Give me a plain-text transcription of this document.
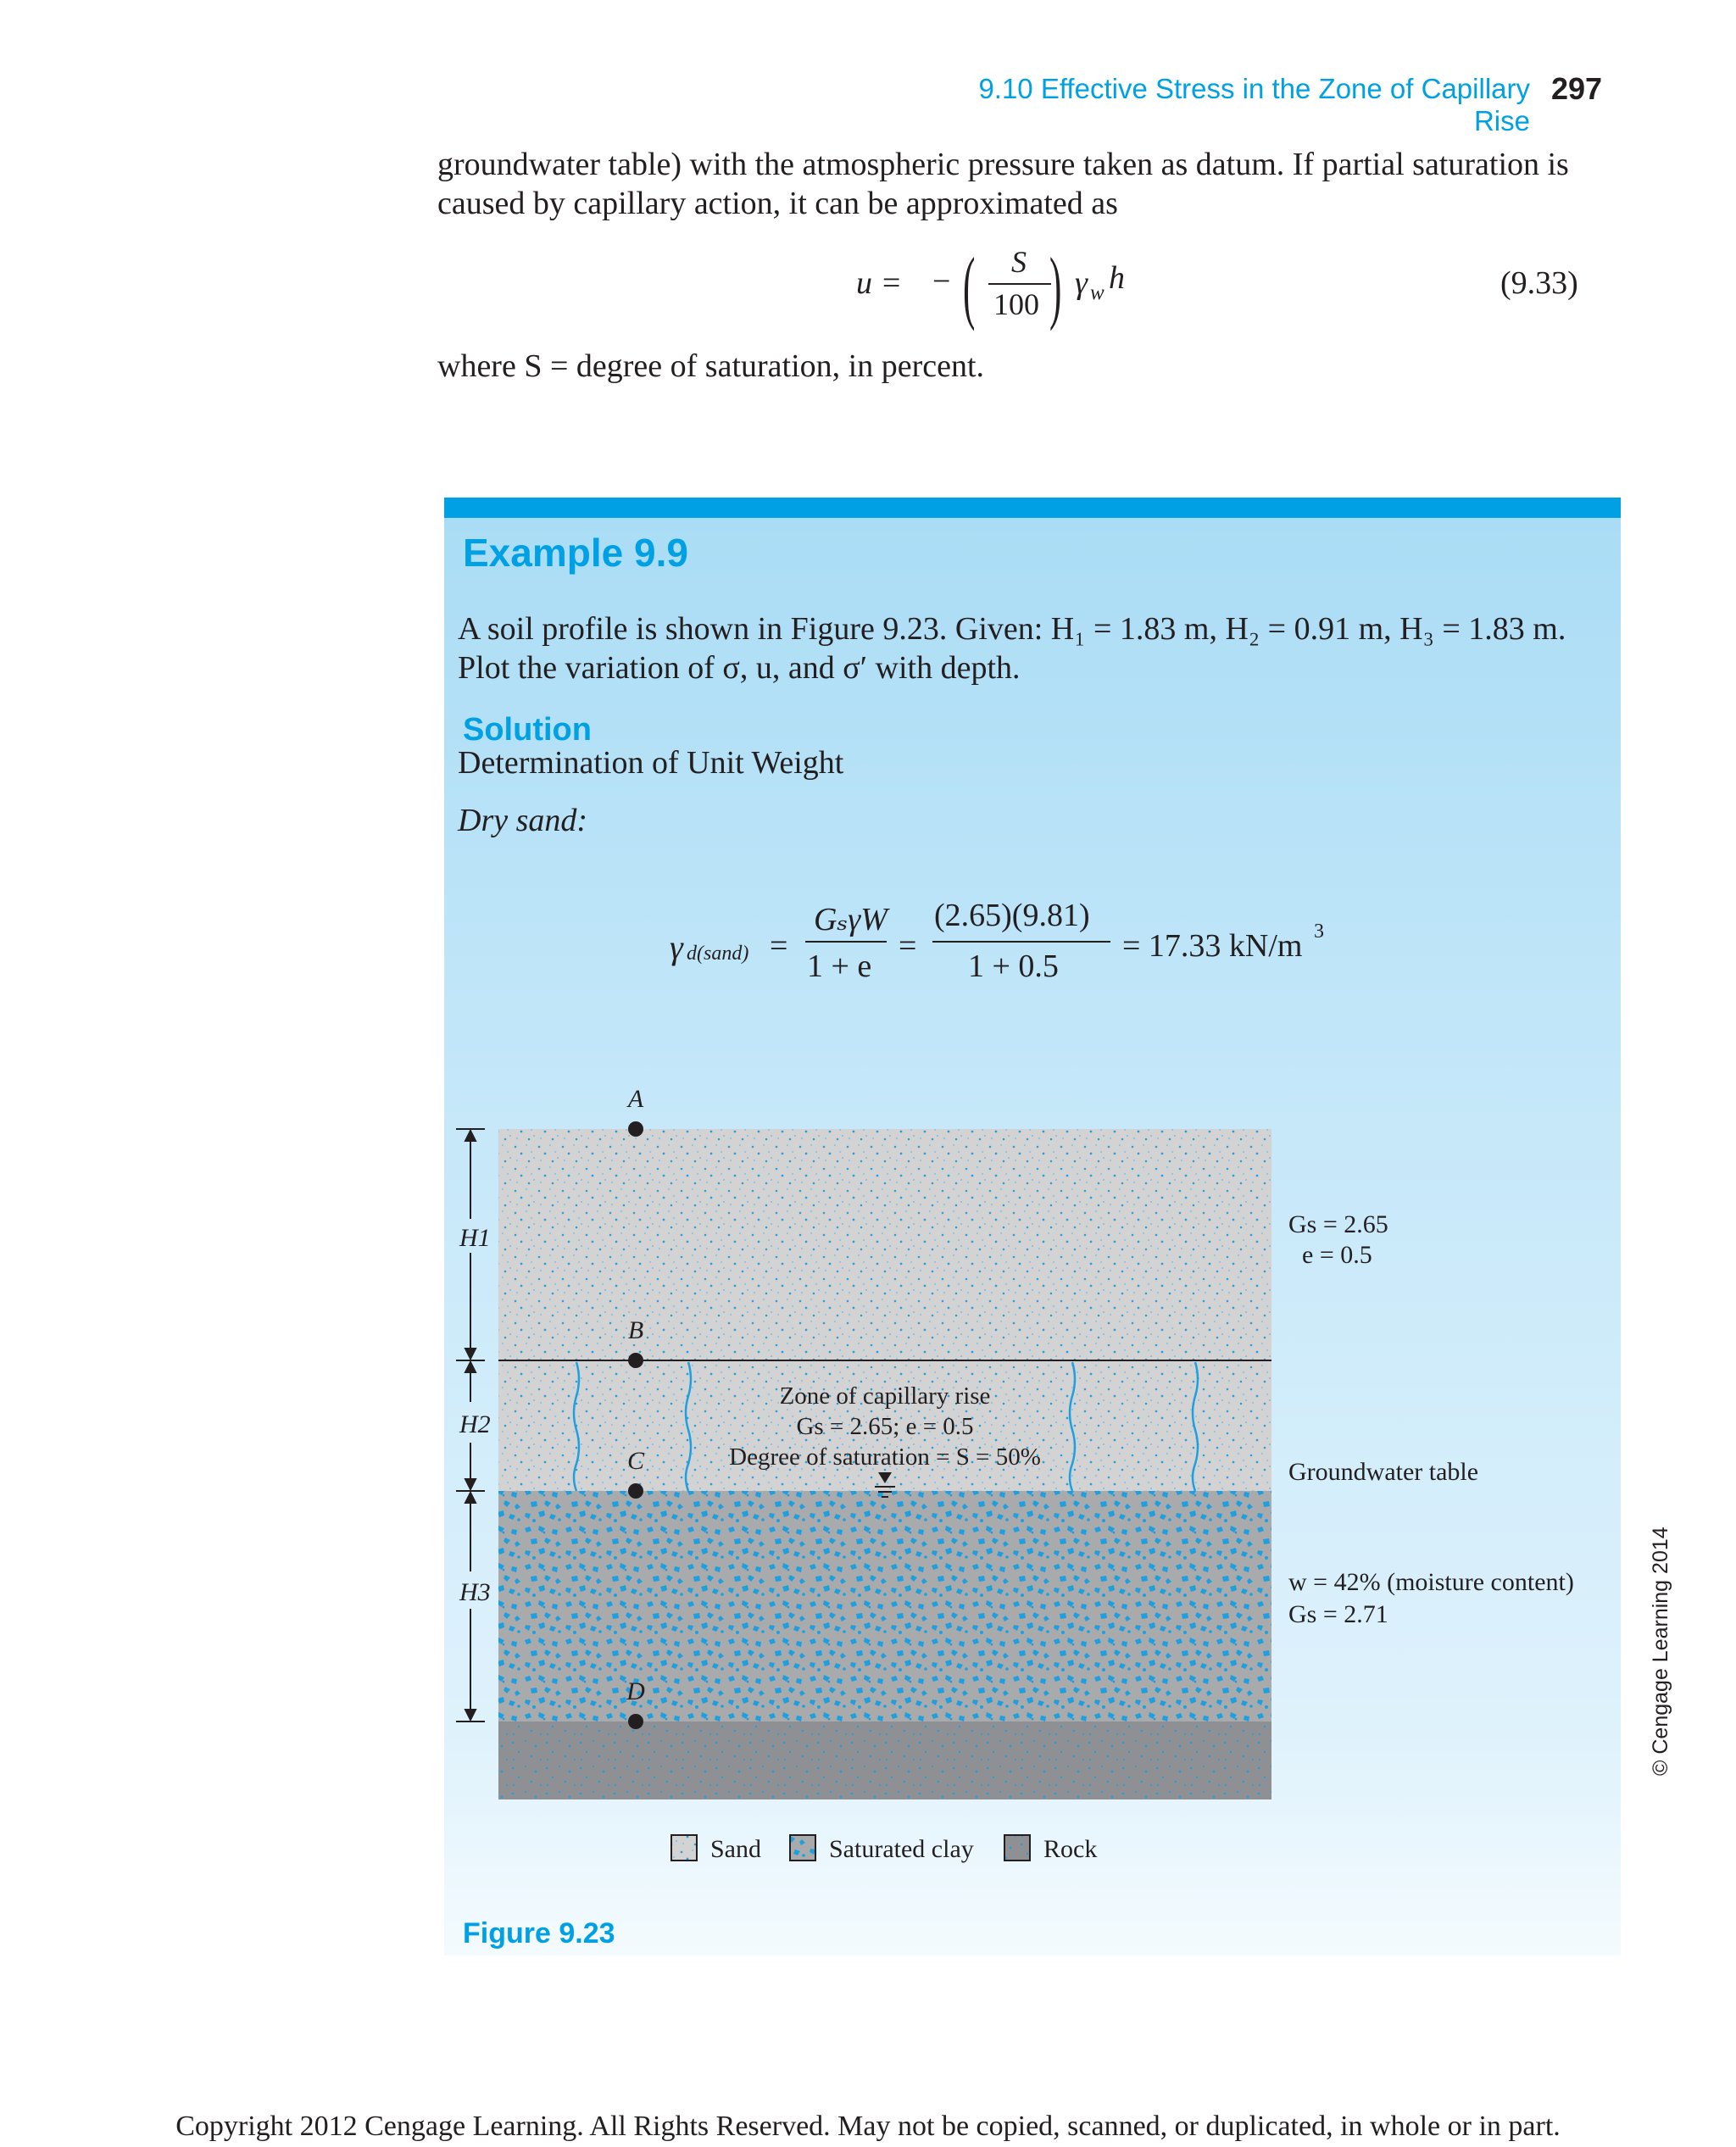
9.10 Effective Stress in the Zone of Capillary Rise
297
groundwater table) with the atmospheric pressure taken as datum. If partial saturation is
caused by capillary action, it can be approximated as
u = − ( S
100 ) γ w h	(9.33)
where S = degree of saturation, in percent.
Example 9.9
A soil profile is shown in Figure 9.23. Given: H₁ = 1.83 m, H₂ = 0.91 m, H₃ = 1.83 m.
Plot the variation of σ, u, and σ′ with depth.
Solution
Determination of Unit Weight
Dry sand:
γ d(sand) =
GₛγW
1 + e
=
(2.65)(9.81)
1 + 0.5
= 17.33 kN/m 3
Zone of capillary rise
Gs = 2.65; e = 0.5
Degree of saturation = S = 50%
A
B
C
D
H1
H2
H3
Gs = 2.65
e = 0.5
Groundwater table
w = 42% (moisture content)
Gs = 2.71
Sand	Saturated clay	Rock
Figure 9.23
© Cengage Learning 2014
Copyright 2012 Cengage Learning. All Rights Reserved. May not be copied, scanned, or duplicated, in whole or in part.
